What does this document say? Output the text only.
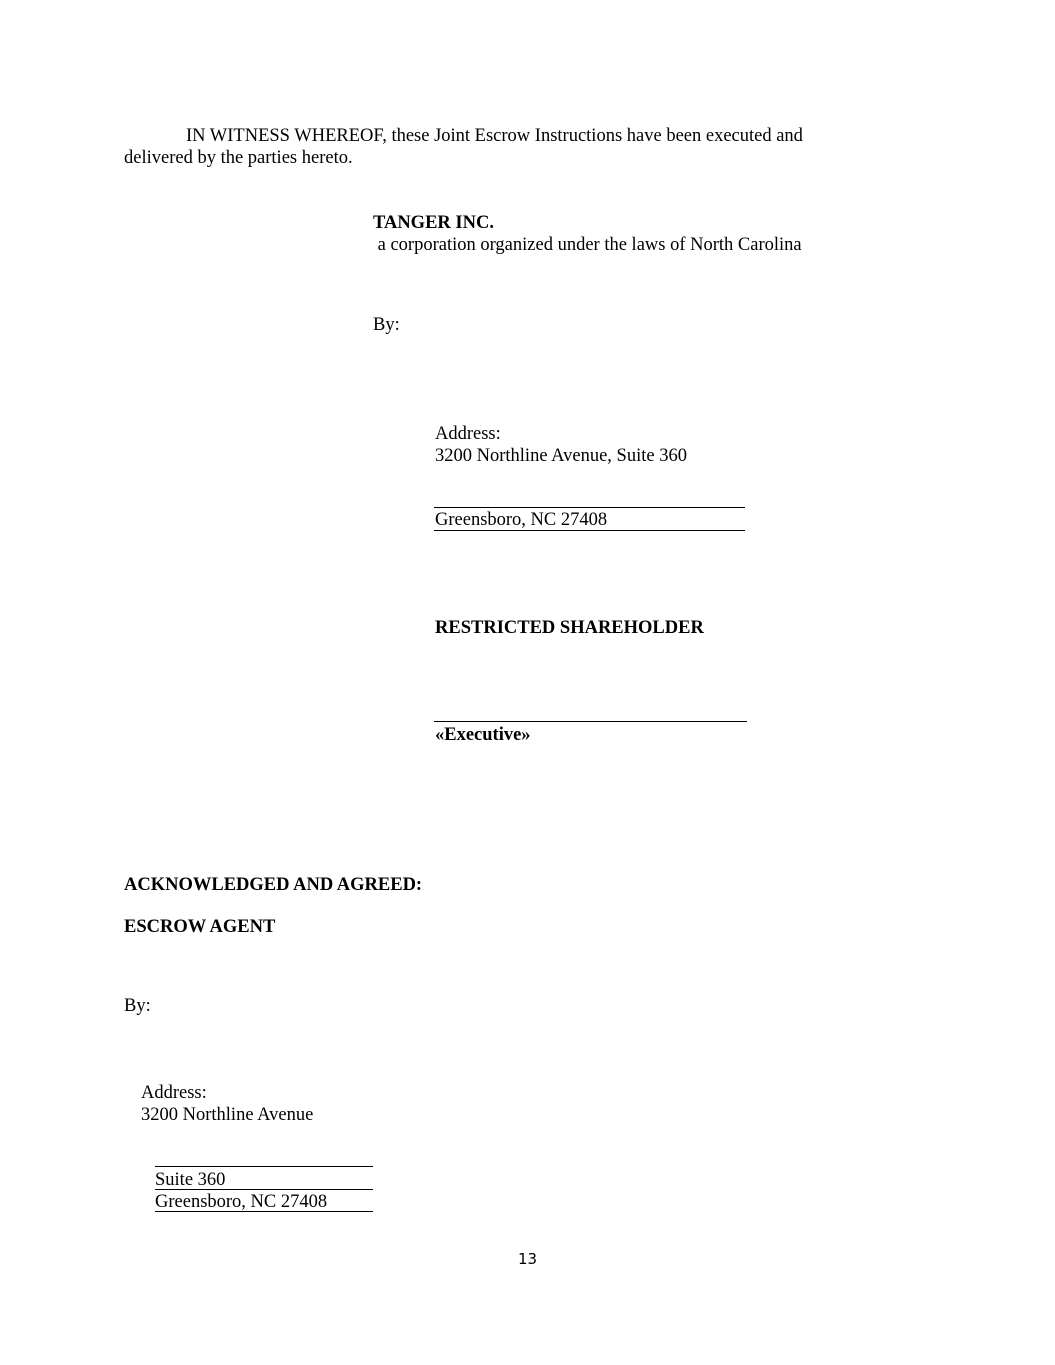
IN WITNESS WHEREOF, these Joint Escrow Instructions have been executed and
delivered by the parties hereto.
TANGER INC.
a corporation organized under the laws of North Carolina
By:
Address:
3200 Northline Avenue, Suite 360
Greensboro, NC 27408
RESTRICTED SHAREHOLDER
«Executive»
ACKNOWLEDGED AND AGREED:
ESCROW AGENT
By:
Address:
3200 Northline Avenue
Suite 360
Greensboro, NC 27408
13
